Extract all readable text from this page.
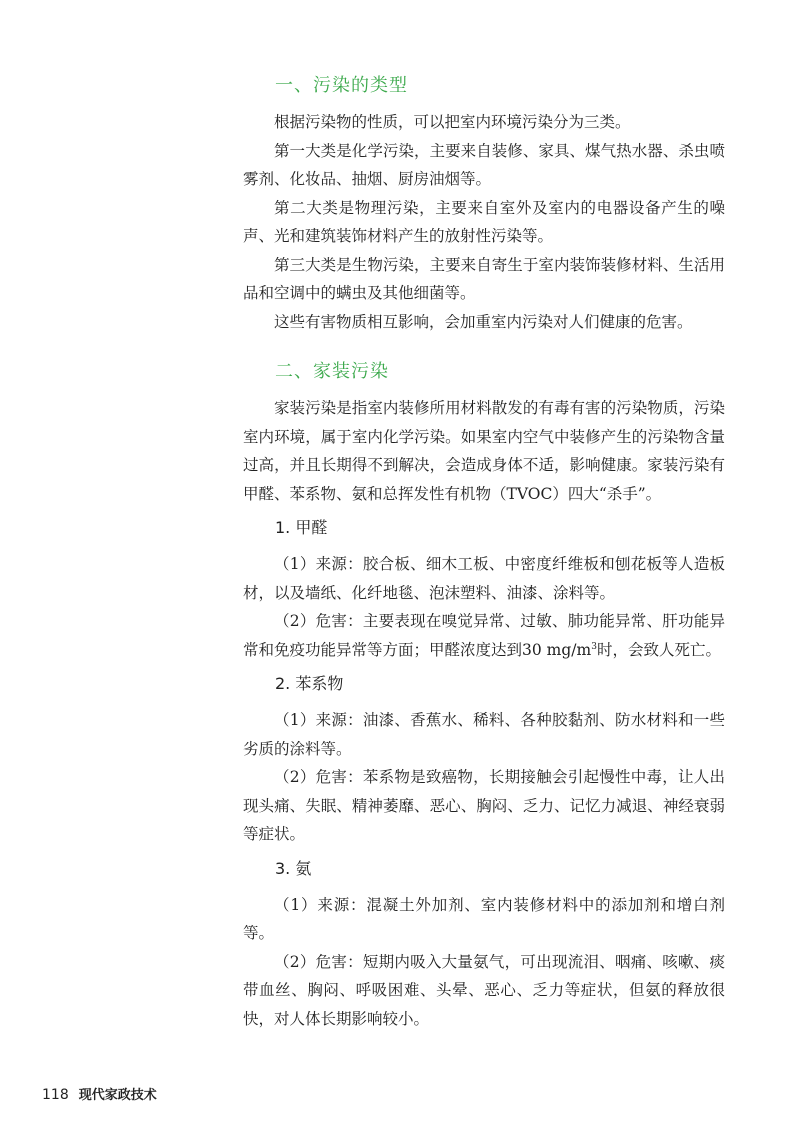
一、污染的类型

根据污染物的性质，可以把室内环境污染分为三类。

第一大类是化学污染，主要来自装修、家具、煤气热水器、杀虫喷雾剂、化妆品、抽烟、厨房油烟等。

第二大类是物理污染，主要来自室外及室内的电器设备产生的噪声、光和建筑装饰材料产生的放射性污染等。

第三大类是生物污染，主要来自寄生于室内装饰装修材料、生活用品和空调中的螨虫及其他细菌等。

这些有害物质相互影响，会加重室内污染对人们健康的危害。

二、家装污染

家装污染是指室内装修所用材料散发的有毒有害的污染物质，污染室内环境，属于室内化学污染。如果室内空气中装修产生的污染物含量过高，并且长期得不到解决，会造成身体不适，影响健康。家装污染有甲醛、苯系物、氨和总挥发性有机物（TVOC）四大“杀手”。

1. 甲醛

（1）来源：胶合板、细木工板、中密度纤维板和刨花板等人造板材，以及墙纸、化纤地毯、泡沫塑料、油漆、涂料等。

（2）危害：主要表现在嗅觉异常、过敏、肺功能异常、肝功能异常和免疫功能异常等方面；甲醛浓度达到30 $mg/m^3$时，会致人死亡。

2. 苯系物

（1）来源：油漆、香蕉水、稀料、各种胶黏剂、防水材料和一些劣质的涂料等。

（2）危害：苯系物是致癌物，长期接触会引起慢性中毒，让人出现头痛、失眠、精神萎靡、恶心、胸闷、乏力、记忆力减退、神经衰弱等症状。

3. 氨

（1）来源：混凝土外加剂、室内装修材料中的添加剂和增白剂等。

（2）危害：短期内吸入大量氨气，可出现流泪、咽痛、咳嗽、痰带血丝、胸闷、呼吸困难、头晕、恶心、乏力等症状，但氨的释放很快，对人体长期影响较小。

118 现代家政技术
